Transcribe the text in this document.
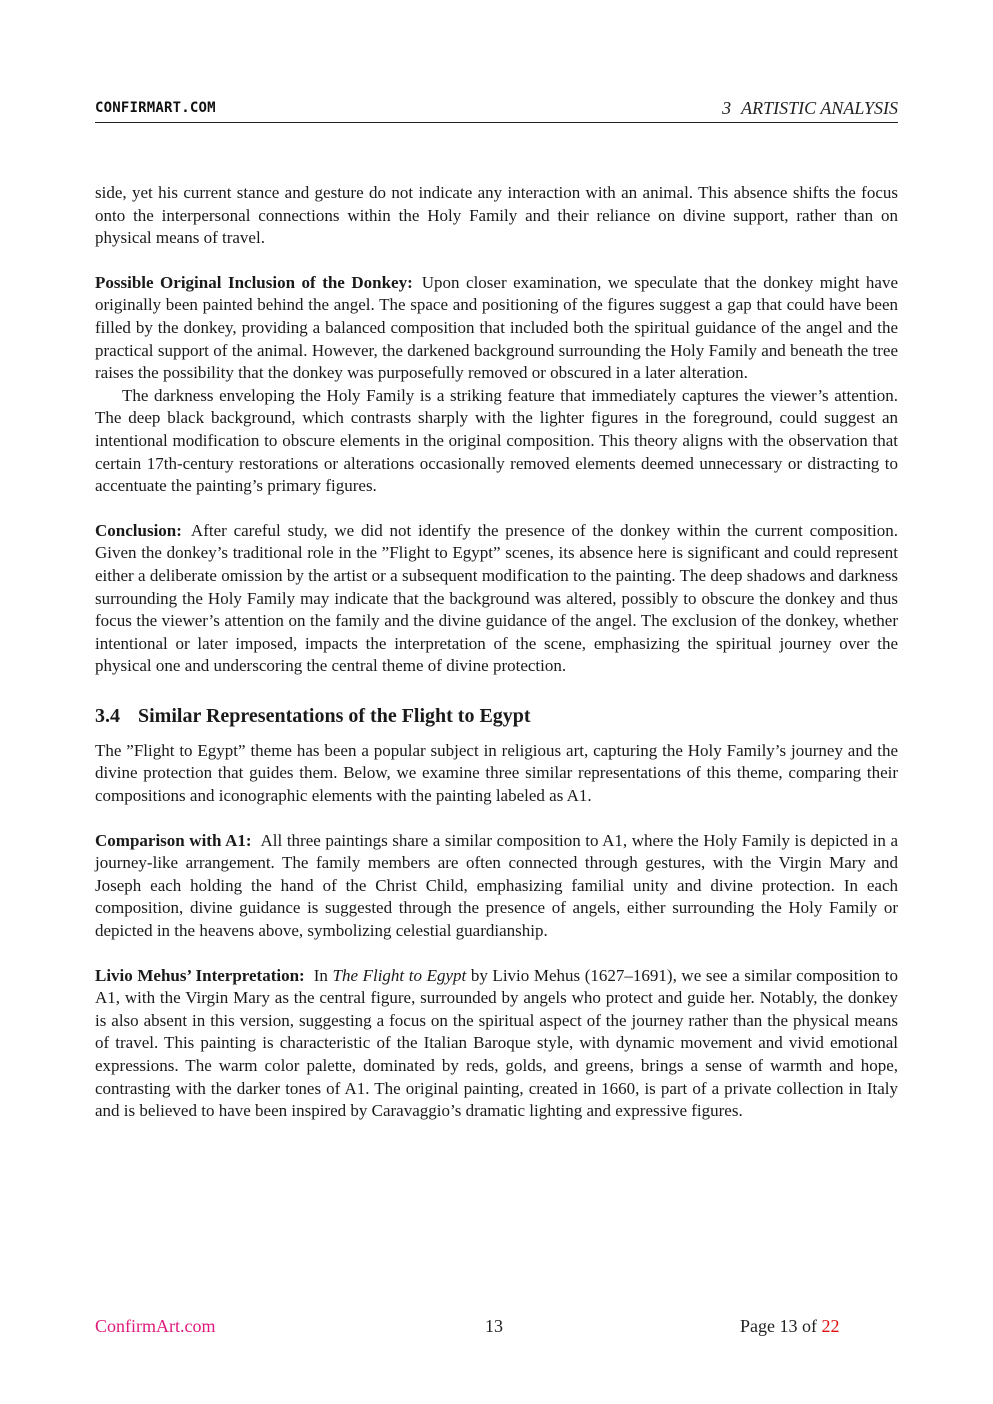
CONFIRMART.COM	3 ARTISTIC ANALYSIS

side, yet his current stance and gesture do not indicate any interaction with an animal. This absence shifts the focus onto the interpersonal connections within the Holy Family and their reliance on divine support, rather than on physical means of travel.

Possible Original Inclusion of the Donkey: Upon closer examination, we speculate that the donkey might have originally been painted behind the angel. The space and positioning of the figures suggest a gap that could have been filled by the donkey, providing a balanced composition that included both the spiritual guidance of the angel and the practical support of the animal. However, the darkened background surrounding the Holy Family and beneath the tree raises the possibility that the donkey was purposefully removed or obscured in a later alteration.

The darkness enveloping the Holy Family is a striking feature that immediately captures the viewer’s attention. The deep black background, which contrasts sharply with the lighter figures in the foreground, could suggest an intentional modification to obscure elements in the original composition. This theory aligns with the observation that certain 17th-century restorations or alterations occasionally removed elements deemed unnecessary or distracting to accentuate the painting’s primary figures.

Conclusion: After careful study, we did not identify the presence of the donkey within the current composition. Given the donkey’s traditional role in the ”Flight to Egypt” scenes, its absence here is significant and could represent either a deliberate omission by the artist or a subsequent modification to the painting. The deep shadows and darkness surrounding the Holy Family may indicate that the background was altered, possibly to obscure the donkey and thus focus the viewer’s attention on the family and the divine guidance of the angel. The exclusion of the donkey, whether intentional or later imposed, impacts the interpretation of the scene, emphasizing the spiritual journey over the physical one and underscoring the central theme of divine protection.

3.4 Similar Representations of the Flight to Egypt

The ”Flight to Egypt” theme has been a popular subject in religious art, capturing the Holy Family’s journey and the divine protection that guides them. Below, we examine three similar representations of this theme, comparing their compositions and iconographic elements with the painting labeled as A1.

Comparison with A1: All three paintings share a similar composition to A1, where the Holy Family is depicted in a journey-like arrangement. The family members are often connected through gestures, with the Virgin Mary and Joseph each holding the hand of the Christ Child, emphasizing familial unity and divine protection. In each composition, divine guidance is suggested through the presence of angels, either surrounding the Holy Family or depicted in the heavens above, symbolizing celestial guardianship.

Livio Mehus’ Interpretation: In The Flight to Egypt by Livio Mehus (1627–1691), we see a similar composition to A1, with the Virgin Mary as the central figure, surrounded by angels who protect and guide her. Notably, the donkey is also absent in this version, suggesting a focus on the spiritual aspect of the journey rather than the physical means of travel. This painting is characteristic of the Italian Baroque style, with dynamic movement and vivid emotional expressions. The warm color palette, dominated by reds, golds, and greens, brings a sense of warmth and hope, contrasting with the darker tones of A1. The original painting, created in 1660, is part of a private collection in Italy and is believed to have been inspired by Caravaggio’s dramatic lighting and expressive figures.

ConfirmArt.com	13	Page 13 of 22
